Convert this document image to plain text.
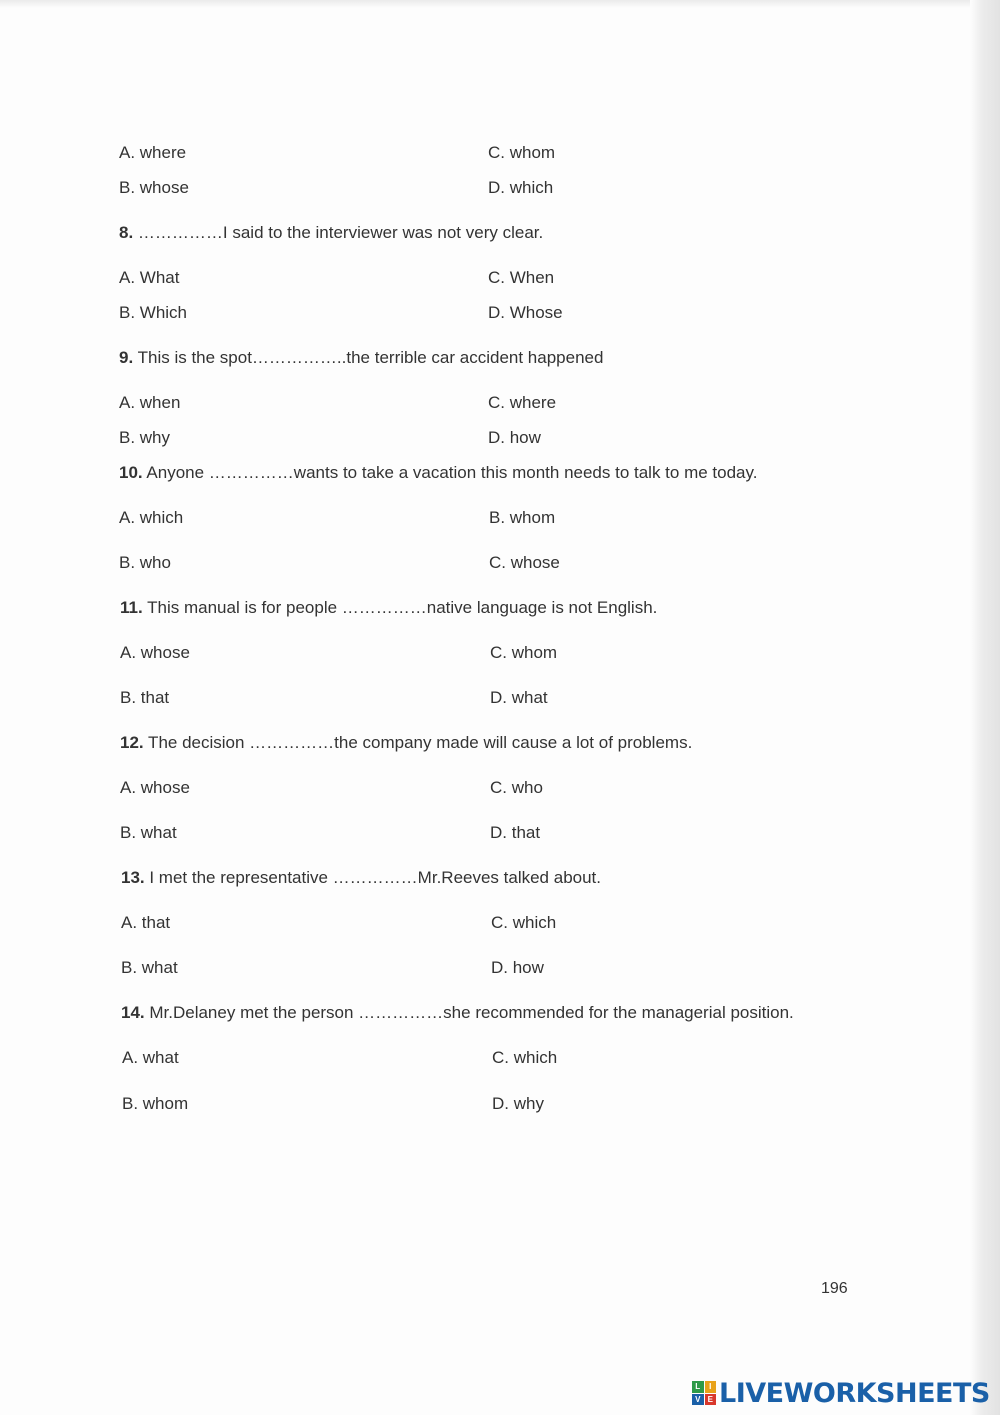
A. where	C. whom
B. whose	D. which
8. ……………I said to the interviewer was not very clear.
A. What	C. When
B. Which	D. Whose
9. This is the spot……………..the terrible car accident happened
A. when	C. where
B. why	D. how
10. Anyone ……………wants to take a vacation this month needs to talk to me today.
A. which	B. whom
B. who	C. whose
11. This manual is for people ……………native language is not English.
A. whose	C. whom
B. that	D. what
12. The decision ……………the company made will cause a lot of problems.
A. whose	C. who
B. what	D. that
13. I met the representative ……………Mr.Reeves talked about.
A. that	C. which
B. what	D. how
14. Mr.Delaney met the person ……………she recommended for the managerial position.
A. what	C. which
B. whom	D. why
196
L	I
V E LIVEWORKSHEETS
